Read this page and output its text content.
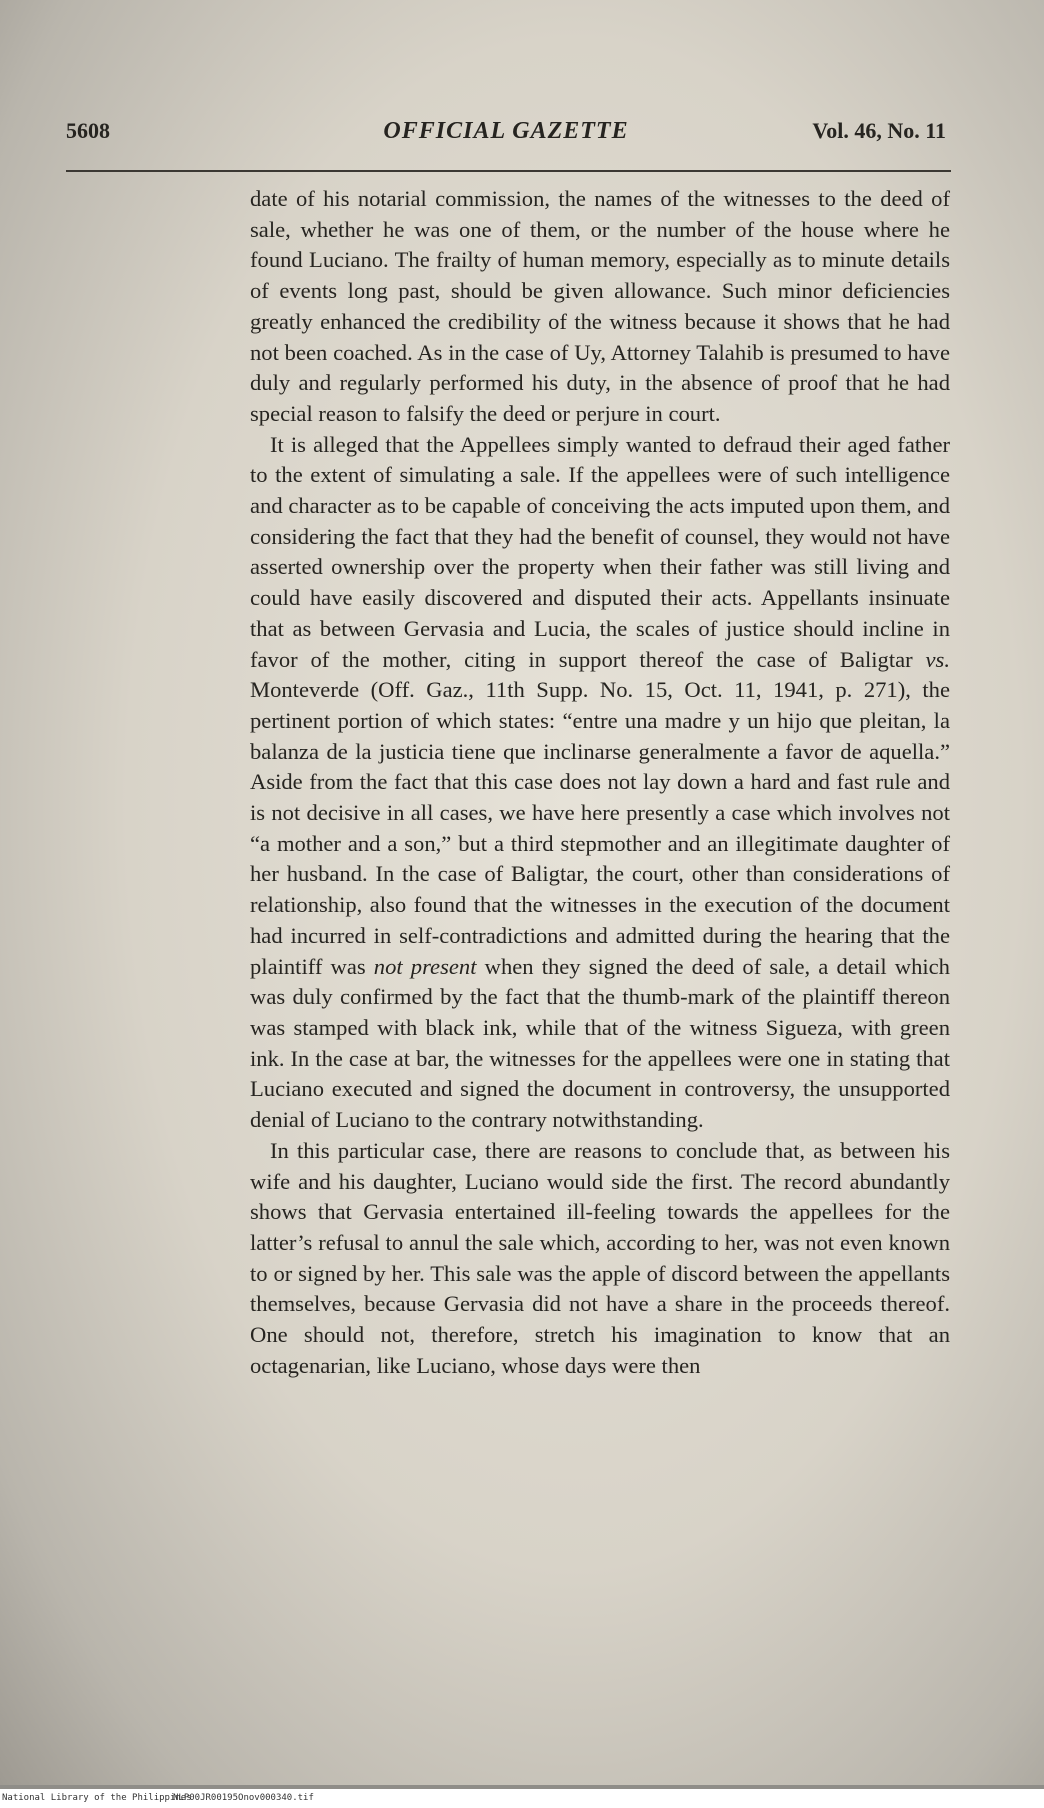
5608	OFFICIAL GAZETTE	Vol. 46, No. 11

date of his notarial commission, the names of the witnesses to the deed of sale, whether he was one of them, or the number of the house where he found Luciano. The frailty of human memory, especially as to minute details of events long past, should be given allowance. Such minor deficiencies greatly enhanced the credibility of the witness because it shows that he had not been coached. As in the case of Uy, Attorney Talahib is presumed to have duly and regularly performed his duty, in the absence of proof that he had special reason to falsify the deed or perjure in court.

It is alleged that the Appellees simply wanted to defraud their aged father to the extent of simulating a sale. If the appellees were of such intelligence and character as to be capable of conceiving the acts imputed upon them, and considering the fact that they had the benefit of counsel, they would not have asserted ownership over the property when their father was still living and could have easily discovered and disputed their acts. Appellants insinuate that as between Gervasia and Lucia, the scales of justice should incline in favor of the mother, citing in support thereof the case of Baligtar vs. Monteverde (Off. Gaz., 11th Supp. No. 15, Oct. 11, 1941, p. 271), the pertinent portion of which states: “entre una madre y un hijo que pleitan, la balanza de la justicia tiene que inclinarse generalmente a favor de aquella.” Aside from the fact that this case does not lay down a hard and fast rule and is not decisive in all cases, we have here presently a case which involves not “a mother and a son,” but a third stepmother and an illegitimate daughter of her husband. In the case of Baligtar, the court, other than considerations of relationship, also found that the witnesses in the execution of the document had incurred in self-contradictions and admitted during the hearing that the plaintiff was not present when they signed the deed of sale, a detail which was duly confirmed by the fact that the thumb-mark of the plaintiff thereon was stamped with black ink, while that of the witness Sigueza, with green ink. In the case at bar, the witnesses for the appellees were one in stating that Luciano executed and signed the document in controversy, the unsupported denial of Luciano to the contrary notwithstanding.

In this particular case, there are reasons to conclude that, as between his wife and his daughter, Luciano would side the first. The record abundantly shows that Gervasia entertained ill-feeling towards the appellees for the latter’s refusal to annul the sale which, according to her, was not even known to or signed by her. This sale was the apple of discord between the appellants themselves, because Gervasia did not have a share in the proceeds thereof. One should not, therefore, stretch his imagination to know that an octagenarian, like Luciano, whose days were then

National Library of the Philippines
NLP00JR00195Onov000340.tif
